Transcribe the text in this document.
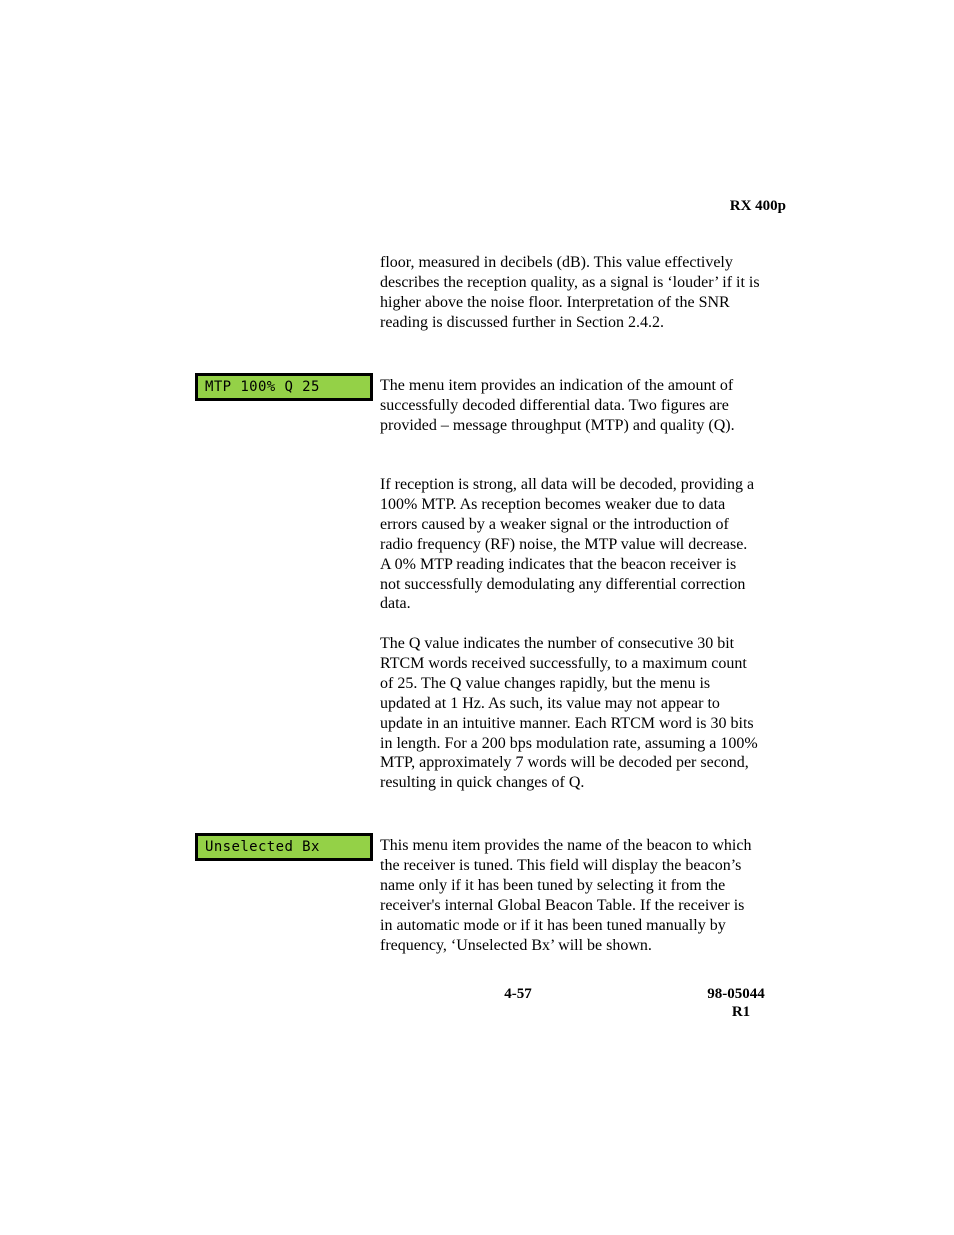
RX 400p

floor, measured in decibels (dB). This value effectively describes the reception quality, as a signal is ‘louder’ if it is higher above the noise floor. Interpretation of the SNR reading is discussed further in Section 2.4.2.

MTP 100% Q 25	The menu item provides an indication of the amount of successfully decoded differential data. Two figures are provided – message throughput (MTP) and quality (Q).

If reception is strong, all data will be decoded, providing a 100% MTP. As reception becomes weaker due to data errors caused by a weaker signal or the introduction of radio frequency (RF) noise, the MTP value will decrease. A 0% MTP reading indicates that the beacon receiver is not successfully demodulating any differential correction data.

The Q value indicates the number of consecutive 30 bit RTCM words received successfully, to a maximum count of 25. The Q value changes rapidly, but the menu is updated at 1 Hz. As such, its value may not appear to update in an intuitive manner. Each RTCM word is 30 bits in length. For a 200 bps modulation rate, assuming a 100% MTP, approximately 7 words will be decoded per second, resulting in quick changes of Q.

Unselected Bx	This menu item provides the name of the beacon to which the receiver is tuned. This field will display the beacon’s name only if it has been tuned by selecting it from the receiver's internal Global Beacon Table. If the receiver is in automatic mode or if it has been tuned manually by frequency, ‘Unselected Bx’ will be shown.

4-57	98-05044
R1
